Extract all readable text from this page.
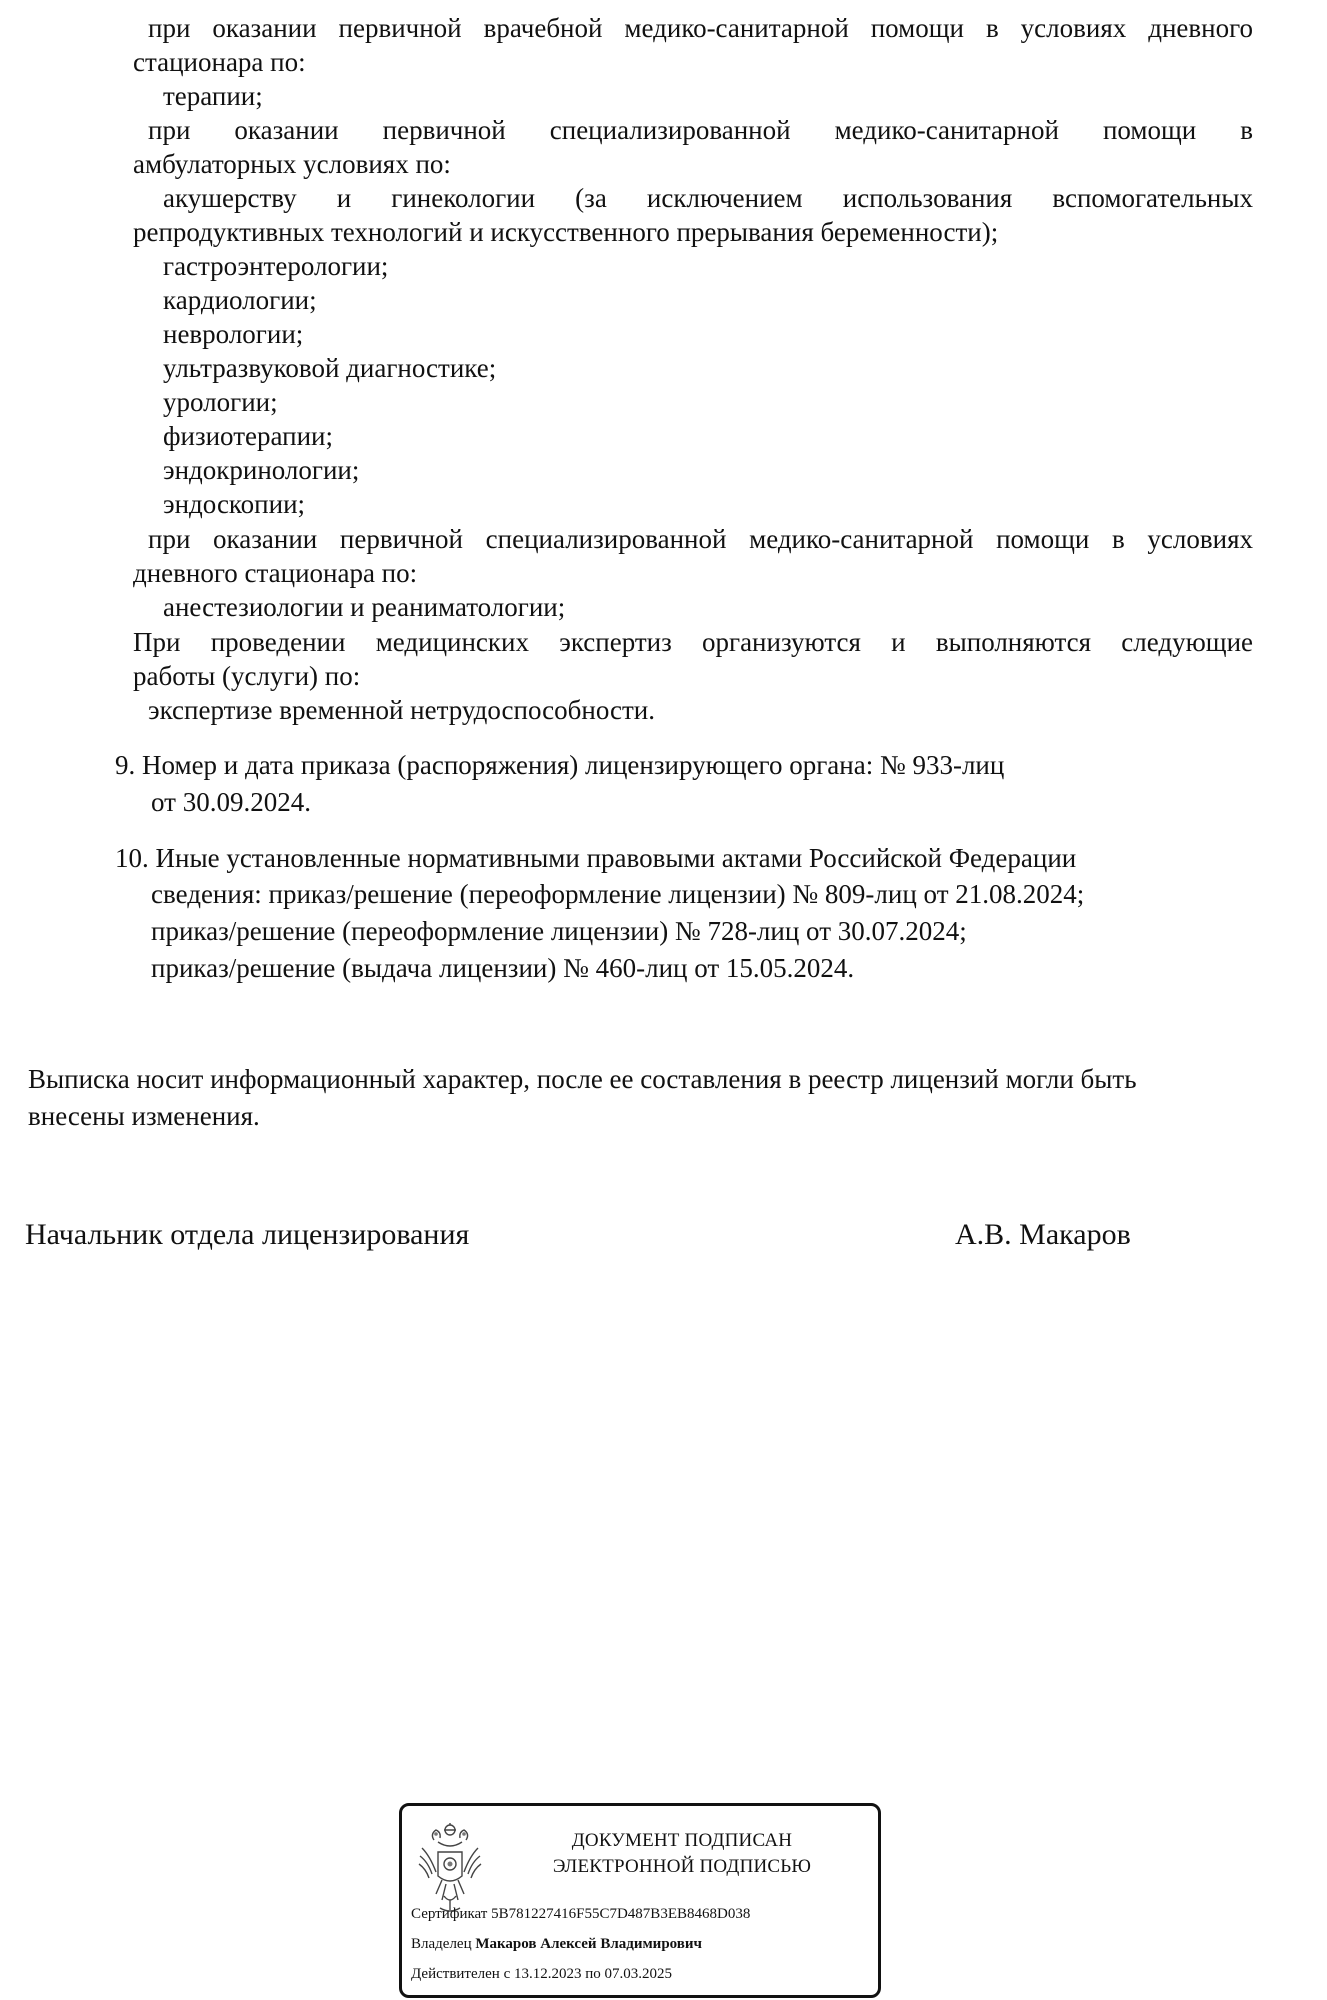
при оказании первичной врачебной медико-санитарной помощи в условиях дневного
стационара по:
терапии;
при оказании первичной специализированной медико-санитарной помощи в
амбулаторных условиях по:
акушерству и гинекологии (за исключением использования вспомогательных
репродуктивных технологий и искусственного прерывания беременности);
гастроэнтерологии;
кардиологии;
неврологии;
ультразвуковой диагностике;
урологии;
физиотерапии;
эндокринологии;
эндоскопии;
при оказании первичной специализированной медико-санитарной помощи в условиях
дневного стационара по:
анестезиологии и реаниматологии;
При проведении медицинских экспертиз организуются и выполняются следующие
работы (услуги) по:
экспертизе временной нетрудоспособности.
9. Номер и дата приказа (распоряжения) лицензирующего органа: № 933-лиц
от 30.09.2024.
10. Иные установленные нормативными правовыми актами Российской Федерации
сведения: приказ/решение (переоформление лицензии) № 809-лиц от 21.08.2024;
приказ/решение (переоформление лицензии) № 728-лиц от 30.07.2024;
приказ/решение (выдача лицензии) № 460-лиц от 15.05.2024.
Выписка носит информационный характер, после ее составления в реестр лицензий могли быть
внесены изменения.
Начальник отдела лицензирования	А.В. Макаров
ДОКУМЕНТ ПОДПИСАН
ЭЛЕКТРОННОЙ ПОДПИСЬЮ
Сертификат 5B781227416F55C7D487B3EB8468D038
Владелец Макаров Алексей Владимирович
Действителен с 13.12.2023 по 07.03.2025
